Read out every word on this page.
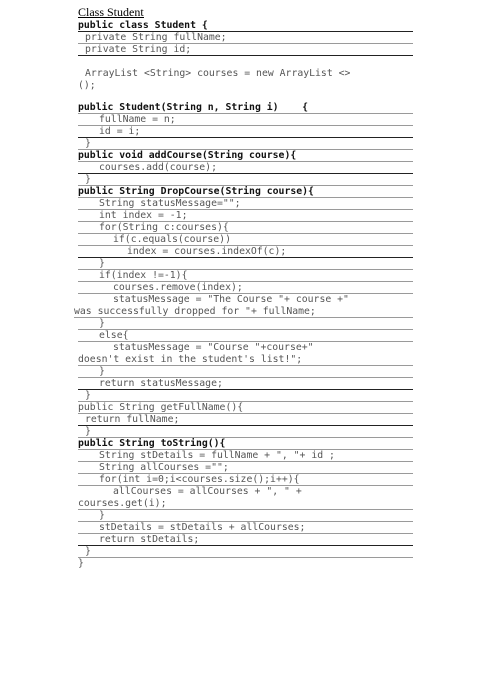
Class Student
public class Student {
private String fullName;
private String id;
ArrayList <String> courses = new ArrayList <>
();
public Student(String n, String i)    {
fullName = n;
id = i;
}
public void addCourse(String course){
courses.add(course);
}
public String DropCourse(String course){
String statusMessage="";
int index = -1;
for(String c:courses){
if(c.equals(course))
index = courses.indexOf(c);
}
if(index !=-1){
courses.remove(index);
statusMessage = "The Course "+ course +"
was successfully dropped for "+ fullName;
}
else{
statusMessage = "Course "+course+"
doesn't exist in the student's list!";
}
return statusMessage;
}
public String getFullName(){
return fullName;
}
public String toString(){
String stDetails = fullName + ", "+ id ;
String allCourses ="";
for(int i=0;i<courses.size();i++){
allCourses = allCourses + ", " +
courses.get(i);
}
stDetails = stDetails + allCourses;
return stDetails;
}
}
